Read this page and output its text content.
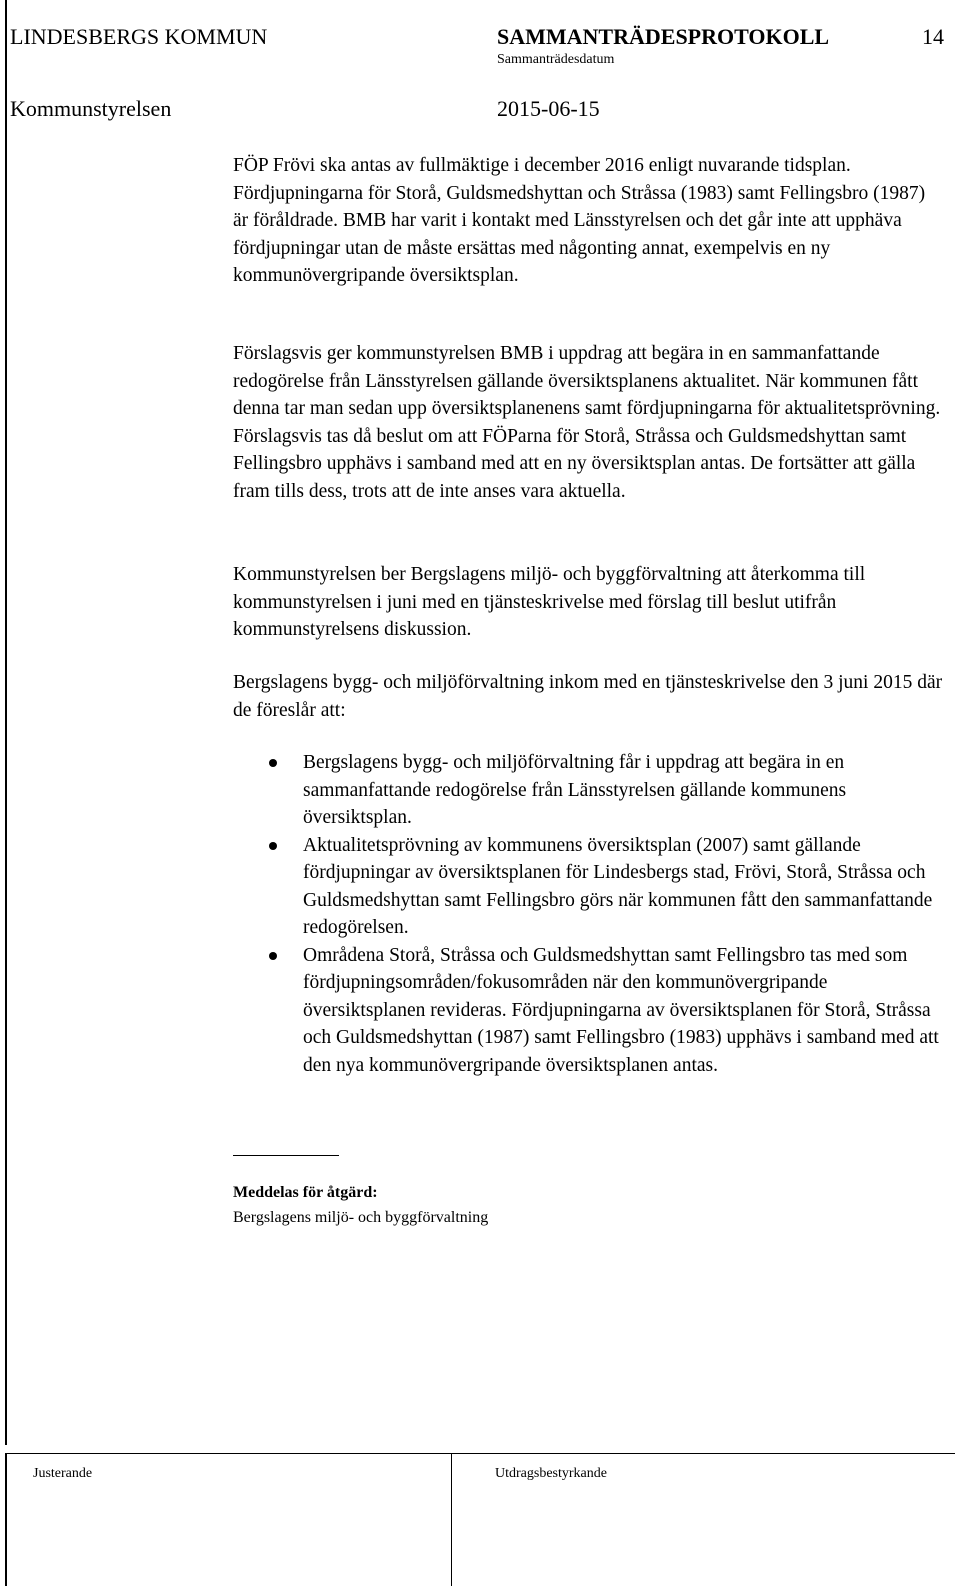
LINDESBERGS KOMMUN	SAMMANTRÄDESPROTOKOLL	14
Sammanträdesdatum
Kommunstyrelsen	2015-06-15

FÖP Frövi ska antas av fullmäktige i december 2016 enligt nuvarande tidsplan. Fördjupningarna för Storå, Guldsmedshyttan och Stråssa (1983) samt Fellingsbro (1987) är föråldrade. BMB har varit i kontakt med Länsstyrelsen och det går inte att upphäva fördjupningar utan de måste ersättas med någonting annat, exempelvis en ny kommunövergripande översiktsplan.

Förslagsvis ger kommunstyrelsen BMB i uppdrag att begära in en sammanfattande redogörelse från Länsstyrelsen gällande översiktsplanens aktualitet. När kommunen fått denna tar man sedan upp översiktsplanenens samt fördjupningarna för aktualitetsprövning. Förslagsvis tas då beslut om att FÖParna för Storå, Stråssa och Guldsmedshyttan samt Fellingsbro upphävs i samband med att en ny översiktsplan antas. De fortsätter att gälla fram tills dess, trots att de inte anses vara aktuella.

Kommunstyrelsen ber Bergslagens miljö- och byggförvaltning att återkomma till kommunstyrelsen i juni med en tjänsteskrivelse med förslag till beslut utifrån kommunstyrelsens diskussion.

Bergslagens bygg- och miljöförvaltning inkom med en tjänsteskrivelse den 3 juni 2015 där de föreslår att:

Bergslagens bygg- och miljöförvaltning får i uppdrag att begära in en sammanfattande redogörelse från Länsstyrelsen gällande kommunens översiktsplan.
Aktualitetsprövning av kommunens översiktsplan (2007) samt gällande fördjupningar av översiktsplanen för Lindesbergs stad, Frövi, Storå, Stråssa och Guldsmedshyttan samt Fellingsbro görs när kommunen fått den sammanfattande redogörelsen.
Områdena Storå, Stråssa och Guldsmedshyttan samt Fellingsbro tas med som fördjupningsområden/fokusområden när den kommunövergripande översiktsplanen revideras. Fördjupningarna av översiktsplanen för Storå, Stråssa och Guldsmedshyttan (1987) samt Fellingsbro (1983) upphävs i samband med att den nya kommunövergripande översiktsplanen antas.
Meddelas för åtgärd:
Bergslagens miljö- och byggförvaltning
Justerande	Utdragsbestyrkande
